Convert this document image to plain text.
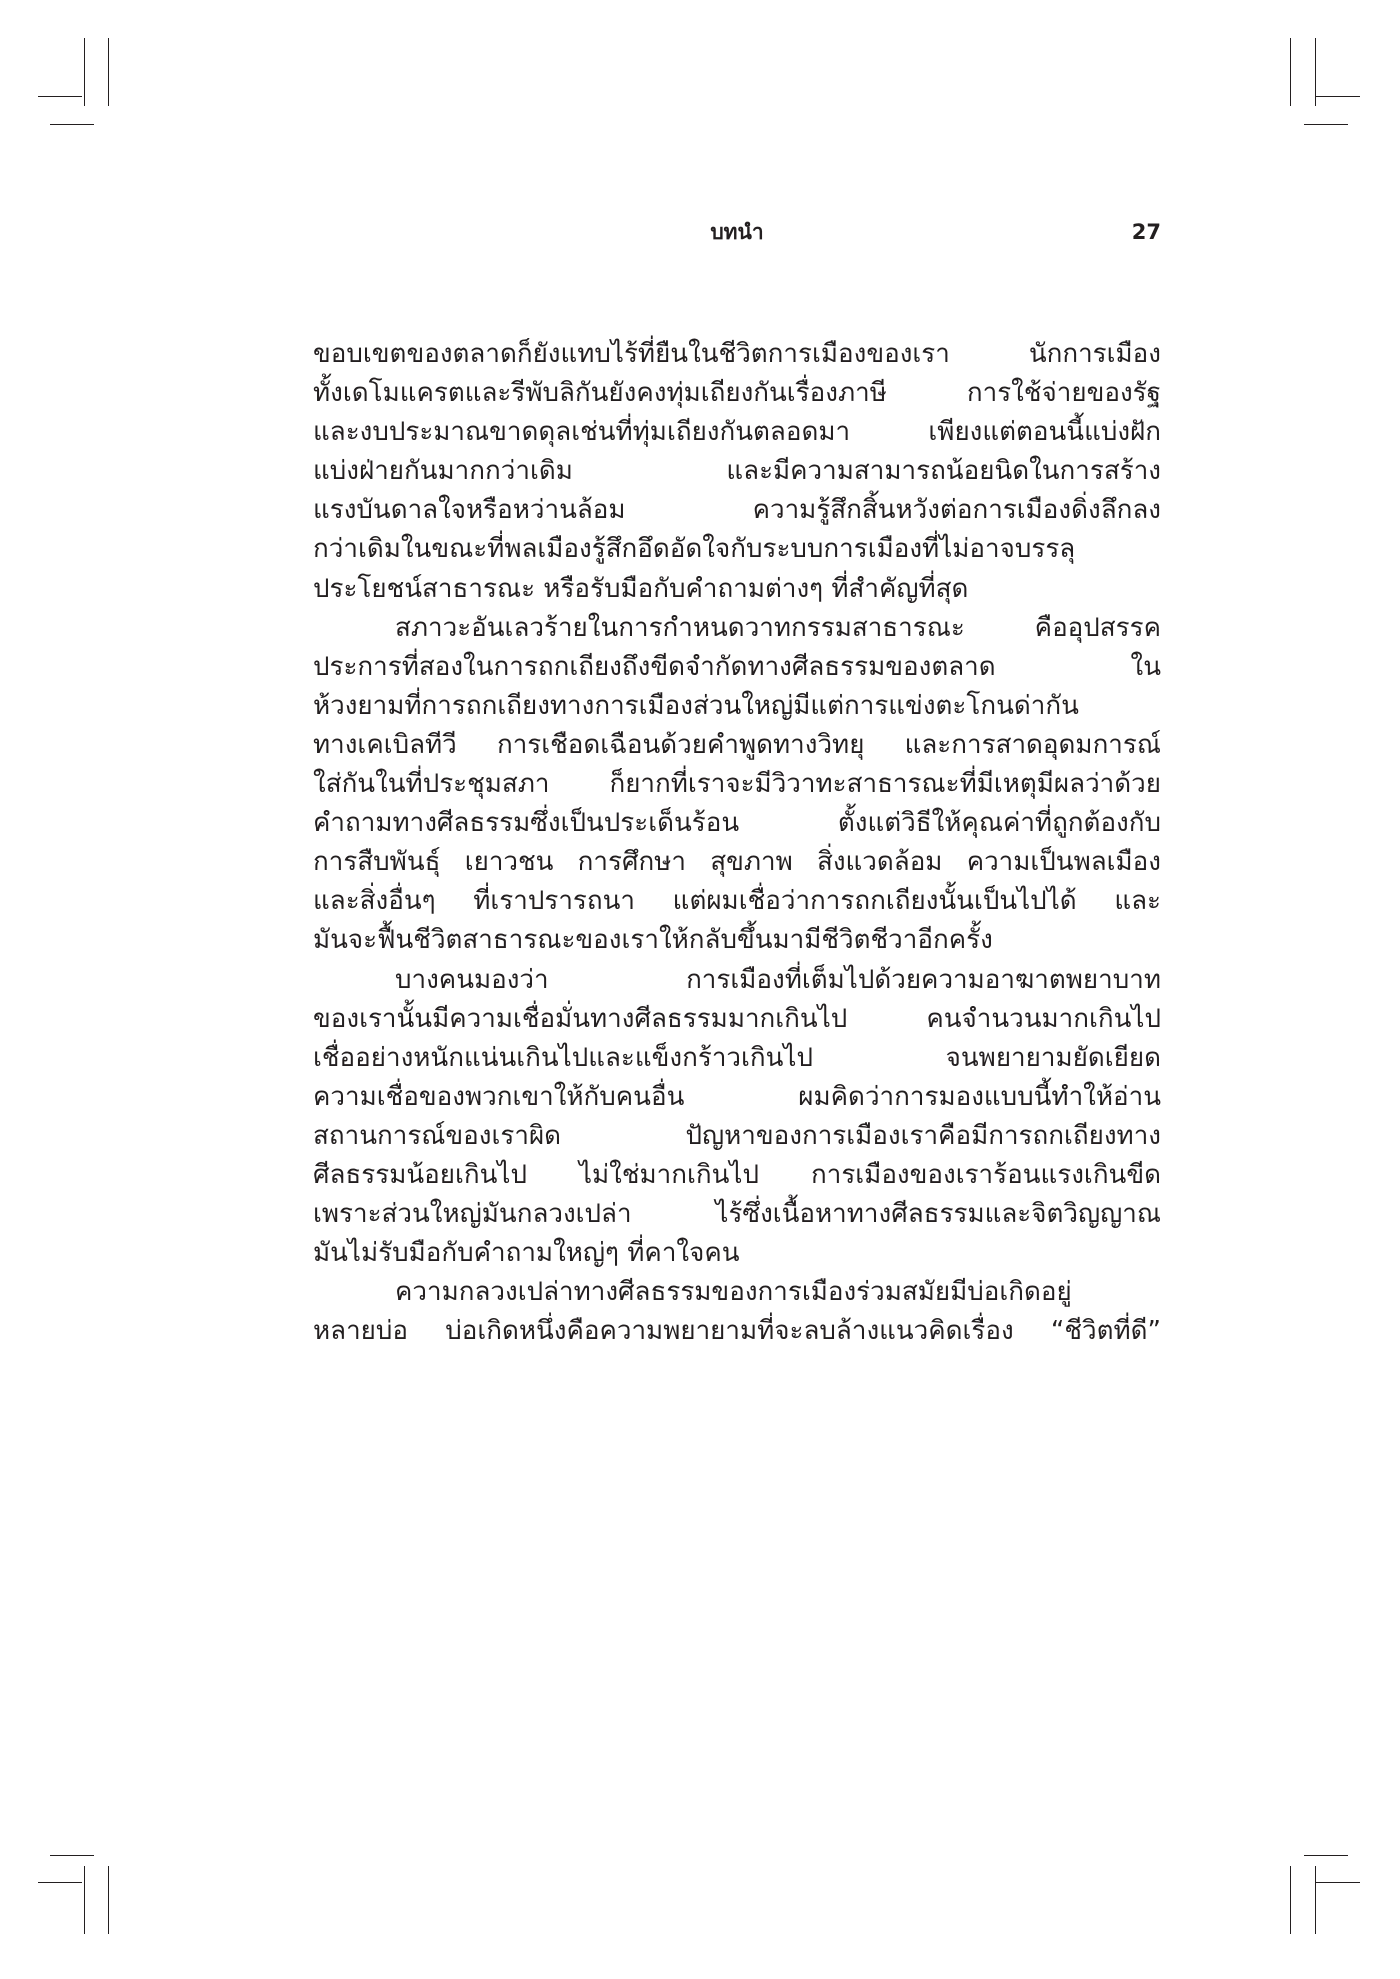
บทนำ	27
ขอบเขตของตลาดก็ยังแทบไร้ที่ยืนในชีวิตการเมืองของเรา นักการเมือง
ทั้งเดโมแครตและรีพับลิกันยังคงทุ่มเถียงกันเรื่องภาษี การใช้จ่ายของรัฐ
และงบประมาณขาดดุลเช่นที่ทุ่มเถียงกันตลอดมา เพียงแต่ตอนนี้แบ่งฝัก
แบ่งฝ่ายกันมากกว่าเดิม และมีความสามารถน้อยนิดในการสร้าง
แรงบันดาลใจหรือหว่านล้อม ความรู้สึกสิ้นหวังต่อการเมืองดิ่งลึกลง
กว่าเดิมในขณะที่พลเมืองรู้สึกอึดอัดใจกับระบบการเมืองที่ไม่อาจบรรลุ
ประโยชน์สาธารณะ หรือรับมือกับคำถามต่างๆ ที่สำคัญที่สุด
สภาวะอันเลวร้ายในการกำหนดวาทกรรมสาธารณะ คืออุปสรรค
ประการที่สองในการถกเถียงถึงขีดจำกัดทางศีลธรรมของตลาด ใน
ห้วงยามที่การถกเถียงทางการเมืองส่วนใหญ่มีแต่การแข่งตะโกนด่ากัน
ทางเคเบิลทีวี การเชือดเฉือนด้วยคำพูดทางวิทยุ และการสาดอุดมการณ์
ใส่กันในที่ประชุมสภา ก็ยากที่เราจะมีวิวาทะสาธารณะที่มีเหตุมีผลว่าด้วย
คำถามทางศีลธรรมซึ่งเป็นประเด็นร้อน ตั้งแต่วิธีให้คุณค่าที่ถูกต้องกับ
การสืบพันธุ์ เยาวชน การศึกษา สุขภาพ สิ่งแวดล้อม ความเป็นพลเมือง
และสิ่งอื่นๆ ที่เราปรารถนา แต่ผมเชื่อว่าการถกเถียงนั้นเป็นไปได้ และ
มันจะฟื้นชีวิตสาธารณะของเราให้กลับขึ้นมามีชีวิตชีวาอีกครั้ง
บางคนมองว่า การเมืองที่เต็มไปด้วยความอาฆาตพยาบาท
ของเรานั้นมีความเชื่อมั่นทางศีลธรรมมากเกินไป คนจำนวนมากเกินไป
เชื่ออย่างหนักแน่นเกินไปและแข็งกร้าวเกินไป จนพยายามยัดเยียด
ความเชื่อของพวกเขาให้กับคนอื่น ผมคิดว่าการมองแบบนี้ทำให้อ่าน
สถานการณ์ของเราผิด ปัญหาของการเมืองเราคือมีการถกเถียงทาง
ศีลธรรมน้อยเกินไป ไม่ใช่มากเกินไป การเมืองของเราร้อนแรงเกินขีด
เพราะส่วนใหญ่มันกลวงเปล่า ไร้ซึ่งเนื้อหาทางศีลธรรมและจิตวิญญาณ
มันไม่รับมือกับคำถามใหญ่ๆ ที่คาใจคน
ความกลวงเปล่าทางศีลธรรมของการเมืองร่วมสมัยมีบ่อเกิดอยู่
หลายบ่อ บ่อเกิดหนึ่งคือความพยายามที่จะลบล้างแนวคิดเรื่อง “ชีวิตที่ดี”
